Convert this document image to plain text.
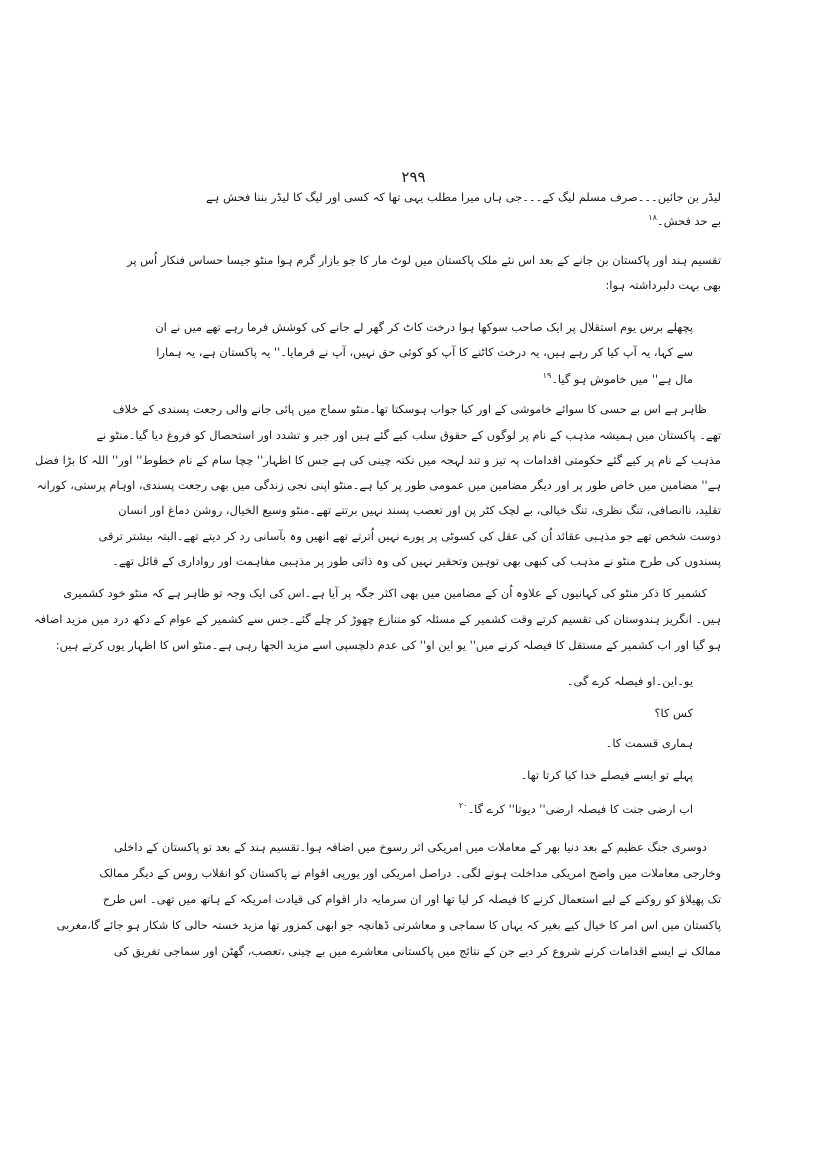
۲۹۹
لیڈر بن جائیں۔۔۔صرف مسلم لیگ کے۔۔۔جی ہاں میرا مطلب یہی تھا کہ کسی اور لیگ کا لیڈر بننا فحش ہے
بے حد فحش۔$^{۱۸}$
تقسیم ہند اور پاکستان بن جانے کے بعد اس نئے ملک پاکستان میں لوٹ مار کا جو بازار گرم ہوا منٹو جیسا حساس فنکار اُس پر
بھی بہت دلبرداشتہ ہوا:
پچھلے برس یوم استقلال پر ایک صاحب سوکھا ہوا درخت کاٹ کر گھر لے جانے کی کوشش فرما رہے تھے میں نے ان
سے کہا، یہ آپ کیا کر رہے ہیں، یہ درخت کاٹنے کا آپ کو کوئی حق نہیں، آپ نے فرمایا۔'' یہ پاکستان ہے، یہ ہمارا
مال ہے'' میں خاموش ہو گیا۔$^{۱۹}$
ظاہر ہے اس بے حسی کا سوائے خاموشی کے اور کیا جواب ہوسکتا تھا۔منٹو سماج میں پائی جانے والی رجعت پسندی کے خلاف
تھے۔ پاکستان میں ہمیشہ مذہب کے نام پر لوگوں کے حقوق سلب کیے گئے ہیں اور جبر و تشدد اور استحصال کو فروغ دیا گیا۔منٹو نے
مذہب کے نام پر کیے گئے حکومتی اقدامات پہ تیز و تند لہجہ میں نکتہ چینی کی ہے جس کا اظہار'' چچا سام کے نام خطوط'' اور'' اللہ کا بڑا فضل
ہے'' مضامین میں خاص طور پر اور دیگر مضامین میں عمومی طور پر کیا ہے۔منٹو اپنی نجی زندگی میں بھی رجعت پسندی، اوہام پرستی، کورانہ
تقلید، ناانصافی، تنگ نظری، تنگ خیالی، بے لچک کٹر پن اور تعصب پسند نہیں برتتے تھے۔منٹو وسیع الخیال، روشن دماغ اور انسان
دوست شخص تھے جو مذہبی عقائد اُن کی عقل کی کسوٹی پر پورے نہیں اُترتے تھے انھیں وہ بآسانی رد کر دیتے تھے۔البتہ بیشتر ترقی
پسندوں کی طرح منٹو نے مذہب کی کبھی بھی توہین وتحقیر نہیں کی وہ ذاتی طور پر مذہبی مفاہمت اور رواداری کے قائل تھے۔
کشمیر کا ذکر منٹو کی کہانیوں کے علاوہ اُن کے مضامین میں بھی اکثر جگہ پر آیا ہے۔اس کی ایک وجہ تو ظاہر ہے کہ منٹو خود کشمیری
ہیں۔ انگریز ہندوستان کی تقسیم کرتے وقت کشمیر کے مسئلہ کو متنازع چھوڑ کر چلے گئے۔جس سے کشمیر کے عوام کے دکھ درد میں مزید اضافہ
ہو گیا اور اب کشمیر کے مستقل کا فیصلہ کرنے میں'' یو این او'' کی عدم دلچسپی اسے مزید الجھا رہی ہے۔منٹو اس کا اظہار یوں کرتے ہیں:
یو۔این۔او فیصلہ کرے گی۔
کس کا؟
ہماری قسمت کا۔
پہلے تو ایسے فیصلے خدا کیا کرتا تھا۔
اب ارضی جنت کا فیصلہ ارضی'' دیوتا'' کرے گا۔$^{۲۰}$
دوسری جنگ عظیم کے بعد دنیا بھر کے معاملات میں امریکی اثر رسوخ میں اضافہ ہوا۔تقسیم ہند کے بعد تو پاکستان کے داخلی
وخارجی معاملات میں واضح امریکی مداخلت ہونے لگی۔ دراصل امریکی اور یورپی اقوام نے پاکستان کو انقلاب روس کے دیگر ممالک
تک پھیلاؤ کو روکنے کے لیے استعمال کرنے کا فیصلہ کر لیا تھا اور ان سرمایہ دار اقوام کی قیادت امریکہ کے ہاتھ میں تھی۔ اس طرح
پاکستان میں اس امر کا خیال کیے بغیر کہ یہاں کا سماجی و معاشرتی ڈھانچہ جو ابھی کمزور تھا مزید خستہ حالی کا شکار ہو جائے گا،مغربی
ممالک نے ایسے اقدامات کرنے شروع کر دیے جن کے نتائج میں پاکستانی معاشرے میں بے چینی ،تعصب، گھٹن اور سماجی تفریق کی
